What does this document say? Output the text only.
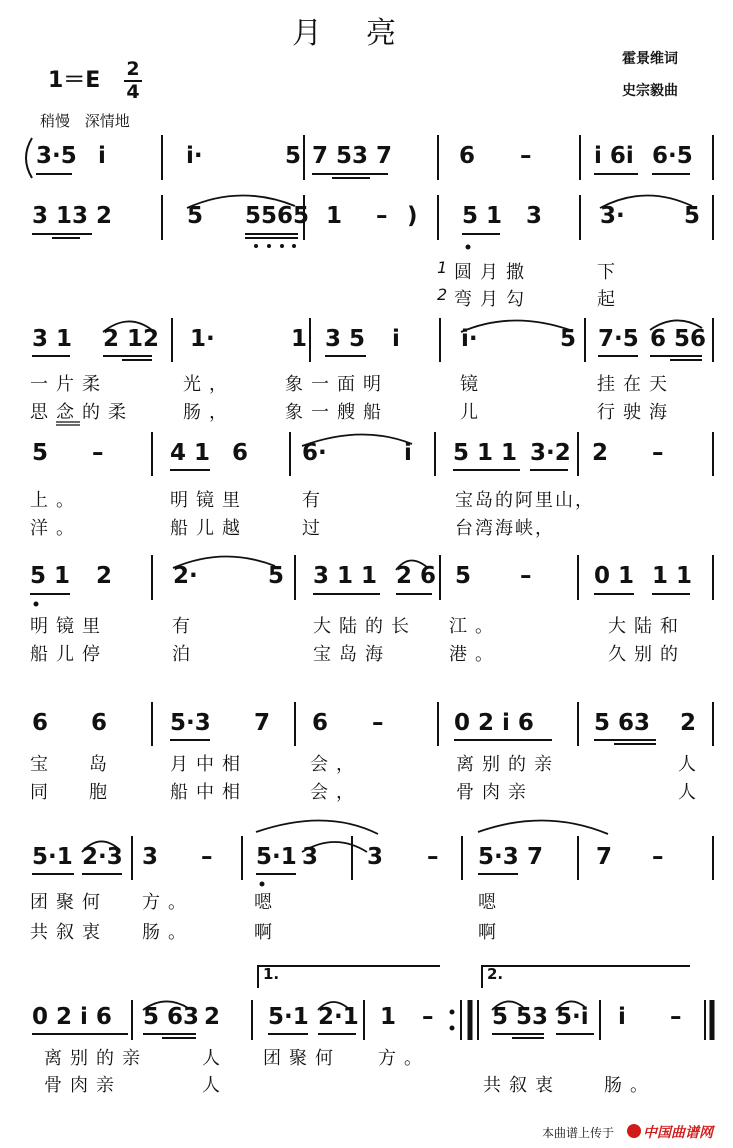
月亮
1＝E 2
4
稍慢 深情地
霍景维词
史宗毅曲
3·5 i	i·	5 7 53 7	6 –	i 6i 6·5
3 13 2	5 5565 1 – ) 5 1 3	3·	5
1 圆月撒	下
2 弯月勾	起
3 1 2 12 1·	1 3 5 i	i·	5 7·5 6 56
一片柔	光，	象一面明	镜	挂在天
思念的柔	肠，	象一艘船	儿	行驶海
5 –	4 1 6 6·	i 5 1 1 3·2 2 –
上。	明镜里	有	宝岛的阿里山，
洋。	船儿越	过	台湾海峡，
5 1 2	2·	5 3 1 1 2 6 5 –	0 1 1 1
明镜里	有	大陆的长 江。	大陆和
船儿停	泊	宝岛海	港。	久别的
6 6	5·3 7 6 –	0 2 i 6	5 63 2
宝 岛	月中相	会，	离别的亲	人
同 胞	船中相	会，	骨肉亲	人
5·1 2·3 3 – 5·1 3 3 – 5·3 7 7 –
团聚何 方。	嗯	嗯
共叙衷 肠。	啊	啊
0 2 i 6 5 63 2 5·1 2·1 1 –	5 53 5·i i –
离别的亲	人 团聚何 方。
骨肉亲	人	共叙衷 肠。
1.	2.
本曲谱上传于 中国曲谱网
